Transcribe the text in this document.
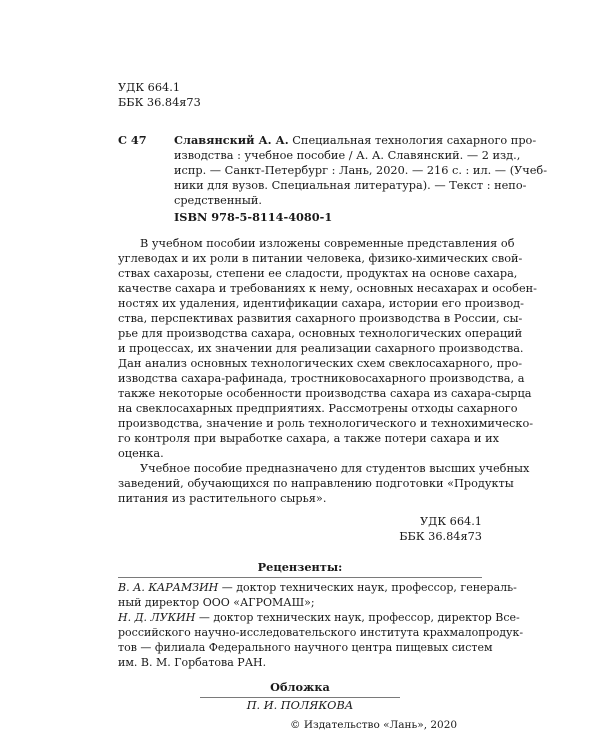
УДК 664.1
ББК 36.84я73
С 47 Славянский А. А. Специальная технология сахарного про-
изводства : учебное пособие / А. А. Славянский. — 2 изд.,
испр. — Санкт-Петербург : Лань, 2020. — 216 с. : ил. — (Учеб-
ники для вузов. Специальная литература). — Текст : непо-
средственный.
ISBN 978-5-8114-4080-1
В учебном пособии изложены современные представления об
углеводах и их роли в питании человека, физико-химических свой-
ствах сахарозы, степени ее сладости, продуктах на основе сахара,
качестве сахара и требованиях к нему, основных несахарах и особен-
ностях их удаления, идентификации сахара, истории его производ-
ства, перспективах развития сахарного производства в России, сы-
рье для производства сахара, основных технологических операций
и процессах, их значении для реализации сахарного производства.
Дан анализ основных технологических схем свеклосахарного, про-
изводства сахара-рафинада, тростниковосахарного производства, а
также некоторые особенности производства сахара из сахара-сырца
на свеклосахарных предприятиях. Рассмотрены отходы сахарного
производства, значение и роль технологического и технохимическо-
го контроля при выработке сахара, а также потери сахара и их
оценка.
Учебное пособие предназначено для студентов высших учебных
заведений, обучающихся по направлению подготовки «Продукты
питания из растительного сырья».
УДК 664.1
ББК 36.84я73
Рецензенты:
В. А. КАРАМЗИН — доктор технических наук, профессор, генераль-
ный директор ООО «АГРОМАШ»;
Н. Д. ЛУКИН — доктор технических наук, профессор, директор Все-
российского научно-исследовательского института крахмалопродук-
тов — филиала Федерального научного центра пищевых систем
им. В. М. Горбатова РАН.
Обложка
П. И. ПОЛЯКОВА
© Издательство «Лань», 2020
